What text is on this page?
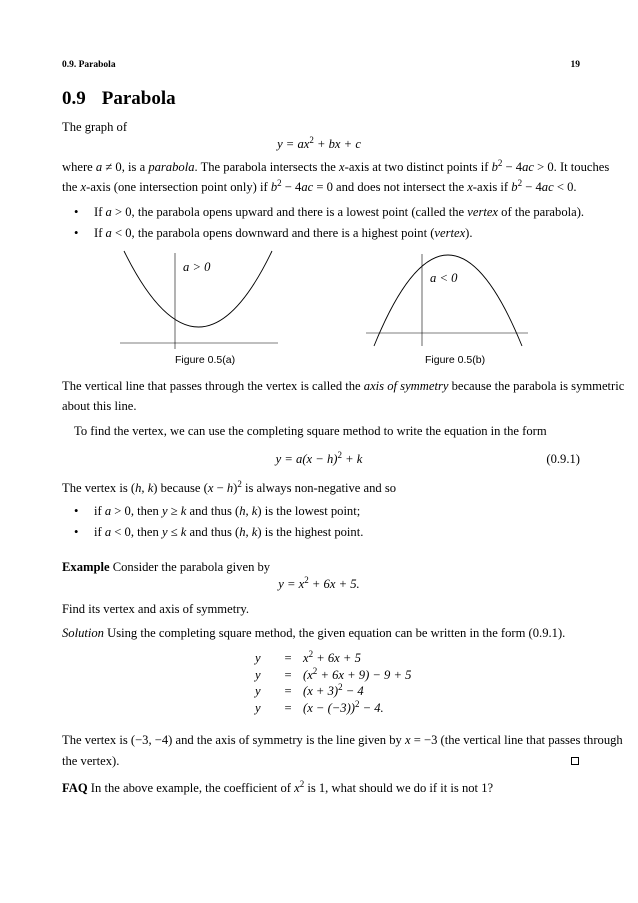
0.9. Parabola	19
0.9 Parabola
The graph of
$y = ax^2$ + bx + c
where a ≠ 0, is a parabola. The parabola intersects the x-axis at two distinct points if $b^2 - 4ac > 0$. It touches
the x-axis (one intersection point only) if $b^2 - 4ac = 0$ and does not intersect the x-axis if $b^2 - 4ac < 0$.
• If a > 0, the parabola opens upward and there is a lowest point (called the vertex of the parabola).
• If a < 0, the parabola opens downward and there is a highest point (vertex).
a > 0
Figure 0.5(a)
a < 0
Figure 0.5(b)
The vertical line that passes through the vertex is called the axis of symmetry because the parabola is symmetric
about this line.
To find the vertex, we can use the completing square method to write the equation in the form
$y = a(x - h)^2 + k$	(0.9.1)
The vertex is (h, k) because $(x - h)^2$ is always non-negative and so
• if a > 0, then y ≥ k and thus (h, k) is the lowest point;
• if a < 0, then y ≤ k and thus (h, k) is the highest point.
Example Consider the parabola given by
$y = x^2 + 6x + 5$.
Find its vertex and axis of symmetry.
Solution Using the completing square method, the given equation can be written in the form (0.9.1).
y	=	$x^2 + 6x + 5$
y	=	$(x^2 + 6x + 9) - 9 + 5$
y	=	$(x + 3)^2 - 4$
y	=	$(x - (-3))^2 - 4$.
The vertex is (−3, −4) and the axis of symmetry is the line given by x = −3 (the vertical line that passes through
the vertex).
FAQ In the above example, the coefficient of $x^2$ is 1, what should we do if it is not 1?
